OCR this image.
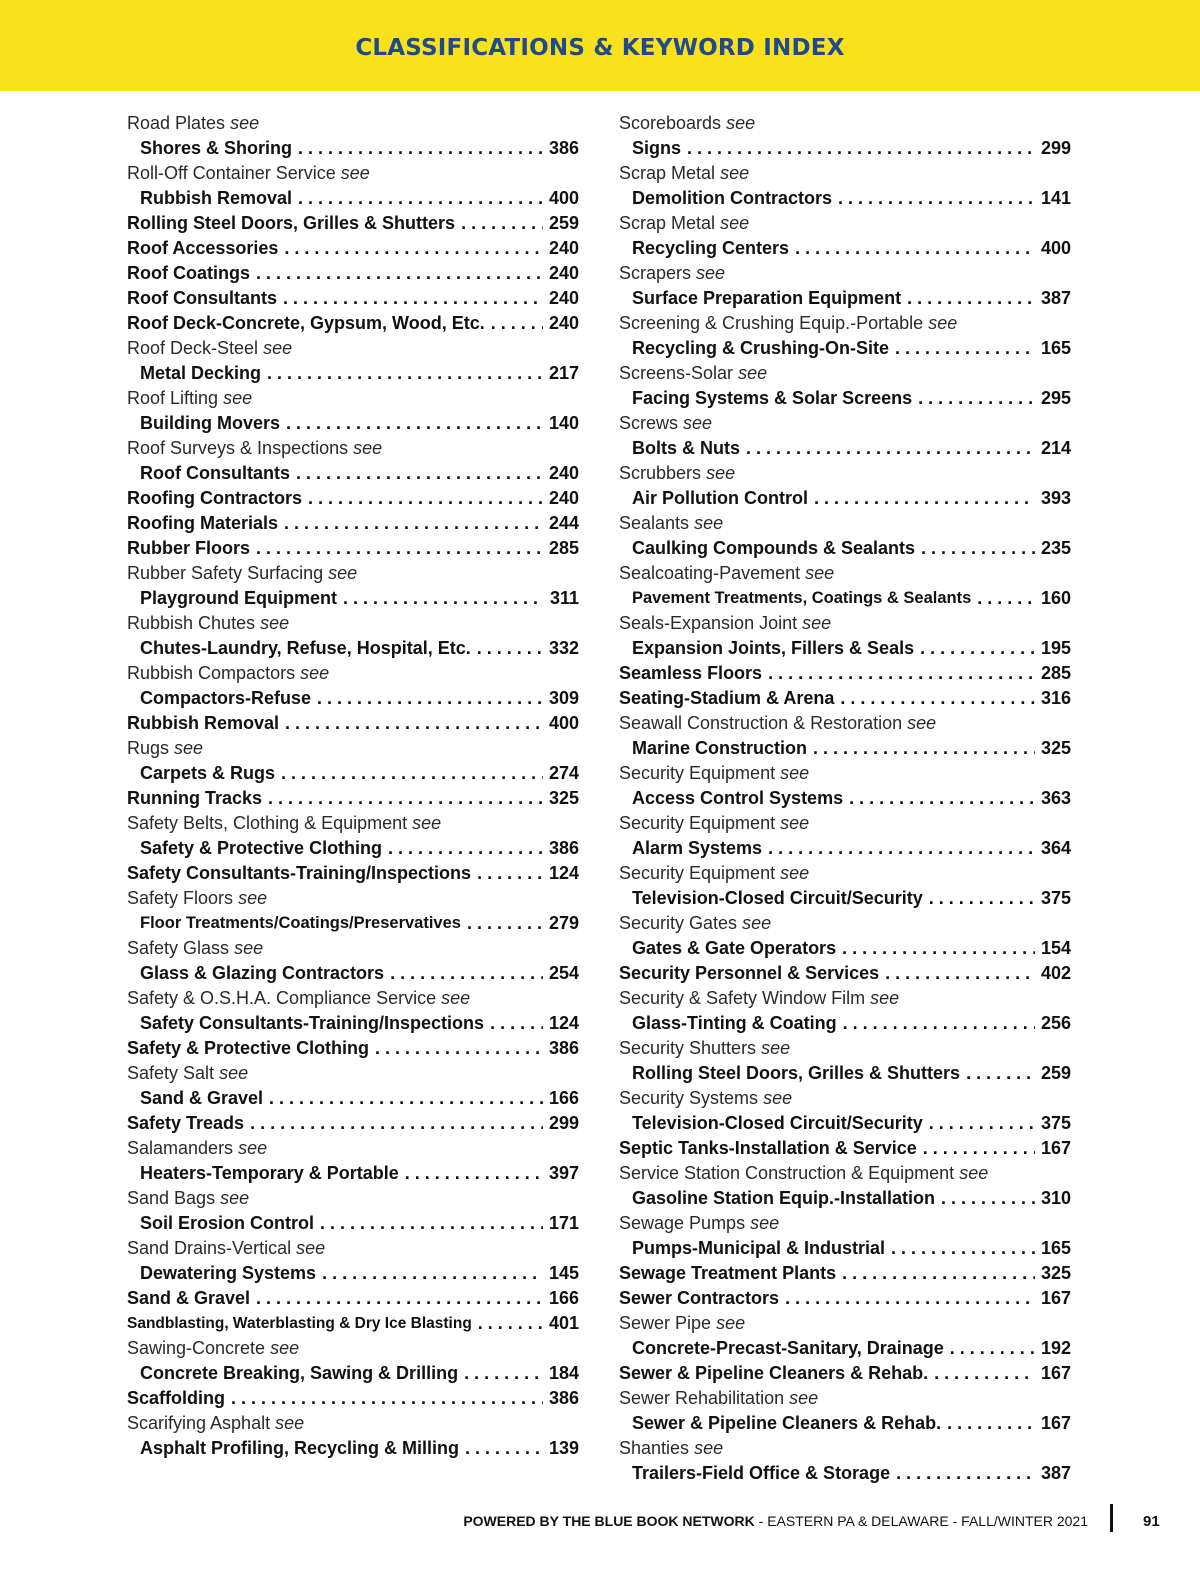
CLASSIFICATIONS & KEYWORD INDEX
Road Plates see
Shores & Shoring . . .	386
Roll-Off Container Service see
Rubbish Removal . . .	400
Rolling Steel Doors, Grilles & Shutters . . .	259
Roof Accessories . . .	240
Roof Coatings . . .	240
Roof Consultants . . .	240
Roof Deck-Concrete, Gypsum, Wood, Etc. . . .	240
Roof Deck-Steel see
Metal Decking . . .	217
Roof Lifting see
Building Movers . . .	140
Roof Surveys & Inspections see
Roof Consultants . . .	240
Roofing Contractors . . .	240
Roofing Materials . . .	244
Rubber Floors . . .	285
Rubber Safety Surfacing see
Playground Equipment . . .	311
Rubbish Chutes see
Chutes-Laundry, Refuse, Hospital, Etc. . . .	332
Rubbish Compactors see
Compactors-Refuse . . .	309
Rubbish Removal . . .	400
Rugs see
Carpets & Rugs . . .	274
Running Tracks . . .	325
Safety Belts, Clothing & Equipment see
Safety & Protective Clothing . . .	386
Safety Consultants-Training/Inspections . . .	124
Safety Floors see
Floor Treatments/Coatings/Preservatives . . .	279
Safety Glass see
Glass & Glazing Contractors . . .	254
Safety & O.S.H.A. Compliance Service see
Safety Consultants-Training/Inspections . . .	124
Safety & Protective Clothing . . .	386
Safety Salt see
Sand & Gravel . . .	166
Safety Treads . . .	299
Salamanders see
Heaters-Temporary & Portable . . .	397
Sand Bags see
Soil Erosion Control . . .	171
Sand Drains-Vertical see
Dewatering Systems . . .	145
Sand & Gravel . . .	166
Sandblasting, Waterblasting & Dry Ice Blasting . . .	401
Sawing-Concrete see
Concrete Breaking, Sawing & Drilling . . .	184
Scaffolding . . .	386
Scarifying Asphalt see
Asphalt Profiling, Recycling & Milling . . .	139
Scoreboards see
Signs . . .	299
Scrap Metal see
Demolition Contractors . . .	141
Scrap Metal see
Recycling Centers . . .	400
Scrapers see
Surface Preparation Equipment . . .	387
Screening & Crushing Equip.-Portable see
Recycling & Crushing-On-Site . . .	165
Screens-Solar see
Facing Systems & Solar Screens . . .	295
Screws see
Bolts & Nuts . . .	214
Scrubbers see
Air Pollution Control . . .	393
Sealants see
Caulking Compounds & Sealants . . .	235
Sealcoating-Pavement see
Pavement Treatments, Coatings & Sealants . . .	160
Seals-Expansion Joint see
Expansion Joints, Fillers & Seals . . .	195
Seamless Floors . . .	285
Seating-Stadium & Arena . . .	316
Seawall Construction & Restoration see
Marine Construction . . .	325
Security Equipment see
Access Control Systems . . .	363
Security Equipment see
Alarm Systems . . .	364
Security Equipment see
Television-Closed Circuit/Security . . .	375
Security Gates see
Gates & Gate Operators . . .	154
Security Personnel & Services . . .	402
Security & Safety Window Film see
Glass-Tinting & Coating . . .	256
Security Shutters see
Rolling Steel Doors, Grilles & Shutters . . .	259
Security Systems see
Television-Closed Circuit/Security . . .	375
Septic Tanks-Installation & Service . . .	167
Service Station Construction & Equipment see
Gasoline Station Equip.-Installation . . .	310
Sewage Pumps see
Pumps-Municipal & Industrial . . .	165
Sewage Treatment Plants . . .	325
Sewer Contractors . . .	167
Sewer Pipe see
Concrete-Precast-Sanitary, Drainage . . .	192
Sewer & Pipeline Cleaners & Rehab. . . .	167
Sewer Rehabilitation see
Sewer & Pipeline Cleaners & Rehab. . . .	167
Shanties see
Trailers-Field Office & Storage . . .	387
POWERED BY THE BLUE BOOK NETWORK - EASTERN PA & DELAWARE - FALL/WINTER 2021	91
